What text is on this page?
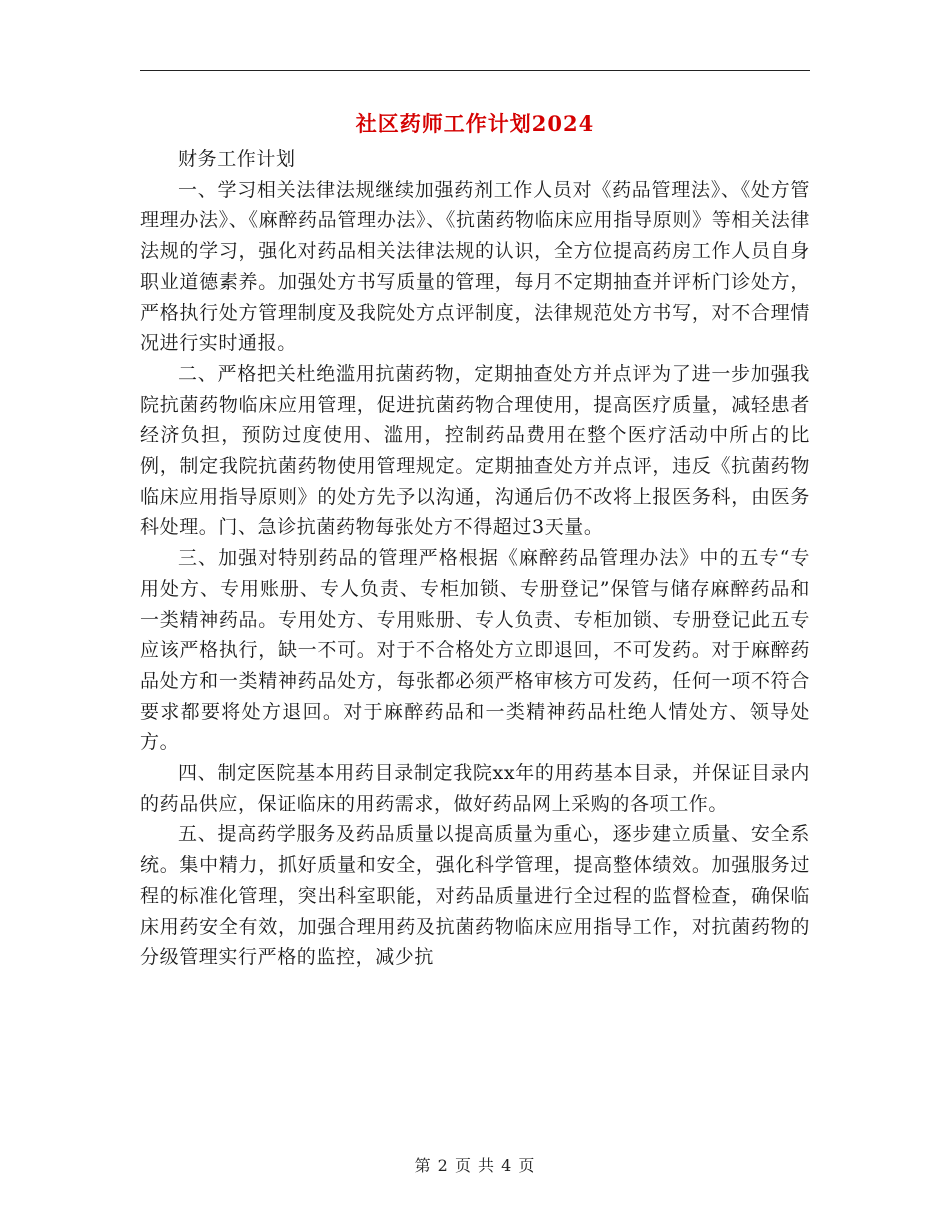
社区药师工作计划2024

财务工作计划

一、学习相关法律法规继续加强药剂工作人员对《药品管理法》、《处方管理理办法》、《麻醉药品管理办法》、《抗菌药物临床应用指导原则》等相关法律法规的学习，强化对药品相关法律法规的认识，全方位提高药房工作人员自身职业道德素养。加强处方书写质量的管理，每月不定期抽查并评析门诊处方，严格执行处方管理制度及我院处方点评制度，法律规范处方书写，对不合理情况进行实时通报。

二、严格把关杜绝滥用抗菌药物，定期抽查处方并点评为了进一步加强我院抗菌药物临床应用管理，促进抗菌药物合理使用，提高医疗质量，减轻患者经济负担，预防过度使用、滥用，控制药品费用在整个医疗活动中所占的比例，制定我院抗菌药物使用管理规定。定期抽查处方并点评，违反《抗菌药物临床应用指导原则》的处方先予以沟通，沟通后仍不改将上报医务科，由医务科处理。门、急诊抗菌药物每张处方不得超过3天量。

三、加强对特别药品的管理严格根据《麻醉药品管理办法》中的五专“专用处方、专用账册、专人负责、专柜加锁、专册登记”保管与储存麻醉药品和一类精神药品。专用处方、专用账册、专人负责、专柜加锁、专册登记此五专应该严格执行，缺一不可。对于不合格处方立即退回，不可发药。对于麻醉药品处方和一类精神药品处方，每张都必须严格审核方可发药，任何一项不符合要求都要将处方退回。对于麻醉药品和一类精神药品杜绝人情处方、领导处方。

四、制定医院基本用药目录制定我院xx年的用药基本目录，并保证目录内的药品供应，保证临床的用药需求，做好药品网上采购的各项工作。

五、提高药学服务及药品质量以提高质量为重心，逐步建立质量、安全系统。集中精力，抓好质量和安全，强化科学管理，提高整体绩效。加强服务过程的标准化管理，突出科室职能，对药品质量进行全过程的监督检查，确保临床用药安全有效，加强合理用药及抗菌药物临床应用指导工作，对抗菌药物的分级管理实行严格的监控，减少抗

第 2 页 共 4 页
